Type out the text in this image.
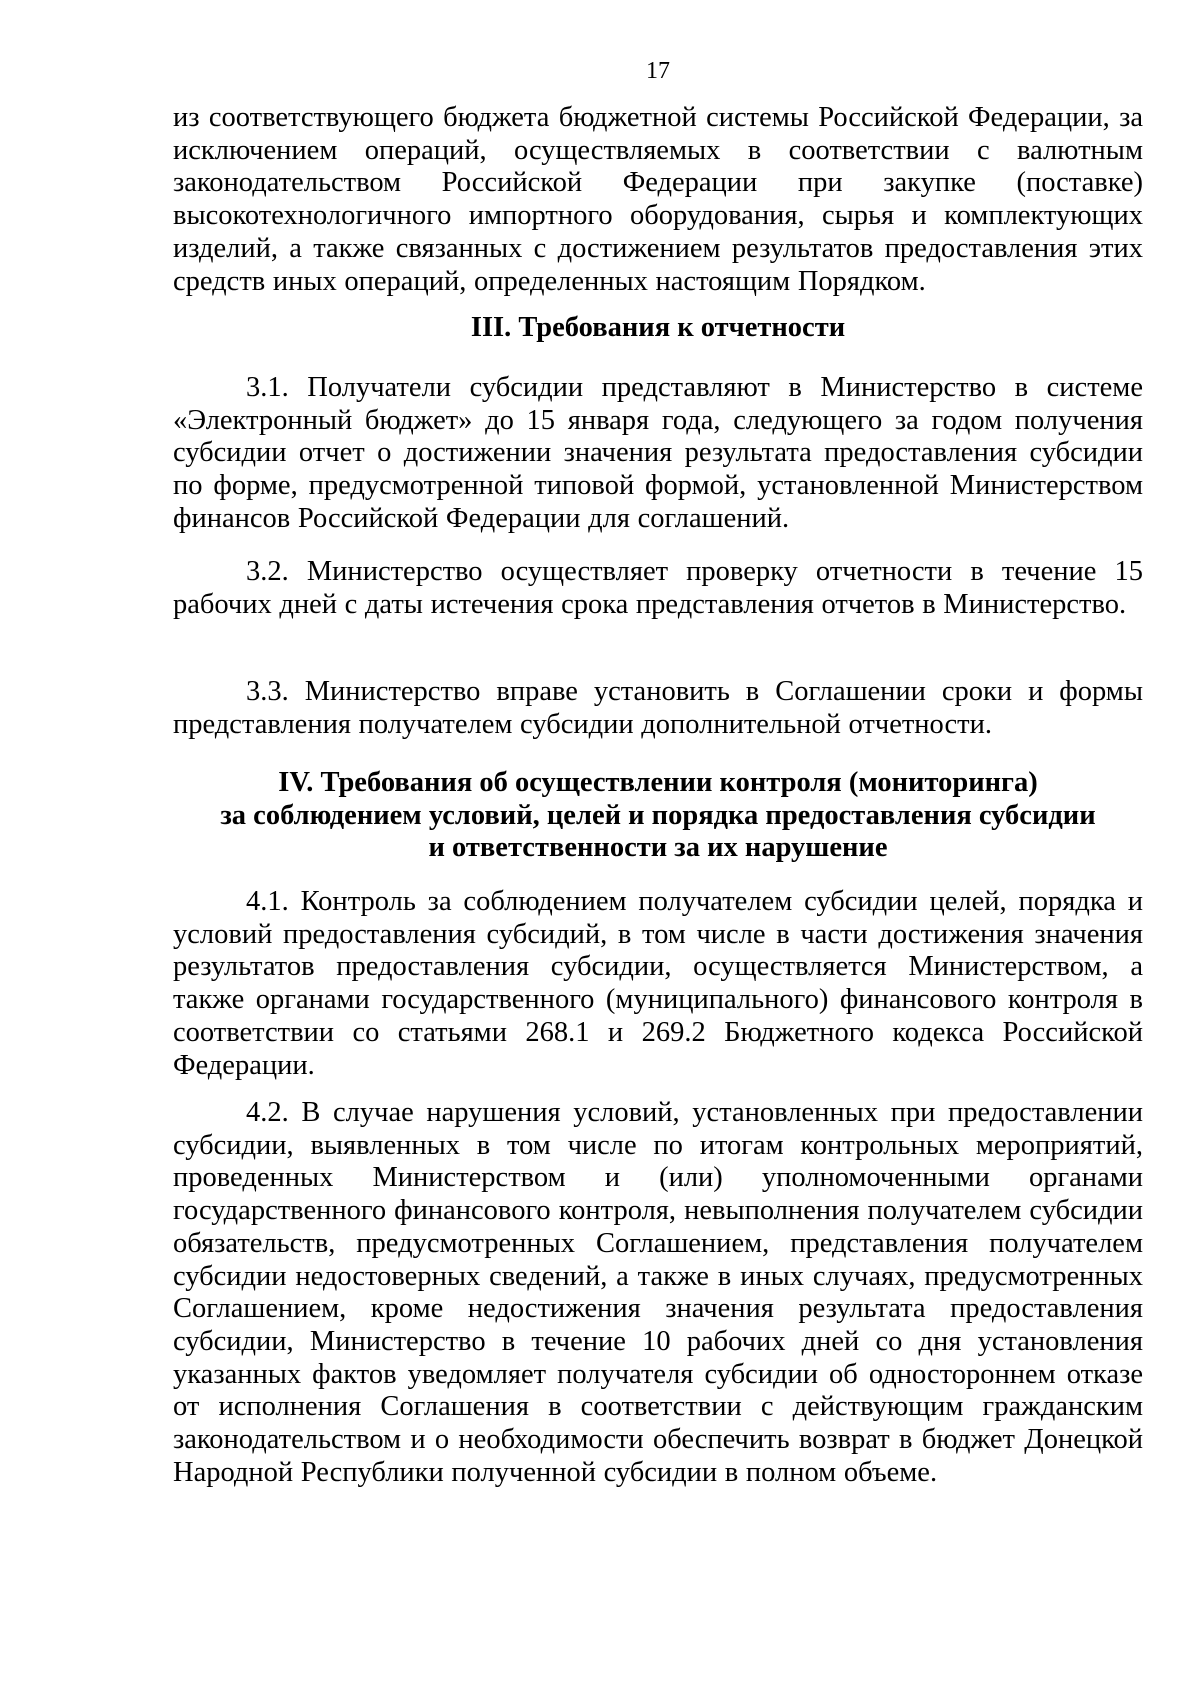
17

из соответствующего бюджета бюджетной системы Российской Федерации, за исключением операций, осуществляемых в соответствии с валютным законодательством Российской Федерации при закупке (поставке) высокотехнологичного импортного оборудования, сырья и комплектующих изделий, а также связанных с достижением результатов предоставления этих средств иных операций, определенных настоящим Порядком.

III. Требования к отчетности

3.1. Получатели субсидии представляют в Министерство в системе «Электронный бюджет» до 15 января года, следующего за годом получения субсидии отчет о достижении значения результата предоставления субсидии по форме, предусмотренной типовой формой, установленной Министерством финансов Российской Федерации для соглашений.

3.2. Министерство осуществляет проверку отчетности в течение 15 рабочих дней с даты истечения срока представления отчетов в Министерство.

3.3. Министерство вправе установить в Соглашении сроки и формы представления получателем субсидии дополнительной отчетности.

IV. Требования об осуществлении контроля (мониторинга)
за соблюдением условий, целей и порядка предоставления субсидии
и ответственности за их нарушение

4.1. Контроль за соблюдением получателем субсидии целей, порядка и условий предоставления субсидий, в том числе в части достижения значения результатов предоставления субсидии, осуществляется Министерством, а также органами государственного (муниципального) финансового контроля в соответствии со статьями 268.1 и 269.2 Бюджетного кодекса Российской Федерации.

4.2. В случае нарушения условий, установленных при предоставлении субсидии, выявленных в том числе по итогам контрольных мероприятий, проведенных Министерством и (или) уполномоченными органами государственного финансового контроля, невыполнения получателем субсидии обязательств, предусмотренных Соглашением, представления получателем субсидии недостоверных сведений, а также в иных случаях, предусмотренных Соглашением, кроме недостижения значения результата предоставления субсидии, Министерство в течение 10 рабочих дней со дня установления указанных фактов уведомляет получателя субсидии об одностороннем отказе от исполнения Соглашения в соответствии с действующим гражданским законодательством и о необходимости обеспечить возврат в бюджет Донецкой Народной Республики полученной субсидии в полном объеме.
